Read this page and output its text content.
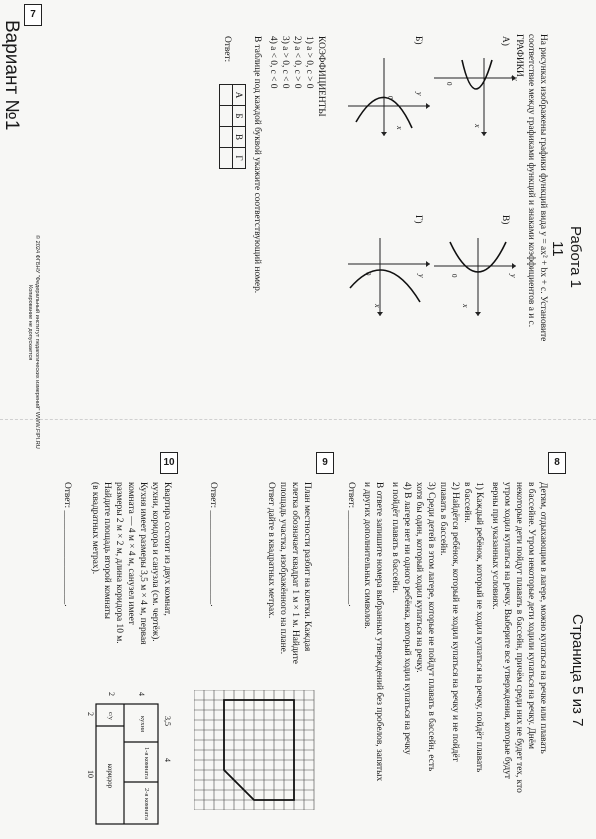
Работа 1
11
Страница 5 из 7
Вариант №1
© 2024 ФГБНУ "Федеральный институт педагогических измерений" WWW.FIPI.RU
Копирование не допускается
7
На рисунках изображены графики функций вида y = ax² + bx + c. Установите
соответствие между графиками функций и знаками коэффициентов a и c.
ГРАФИКИ
А)
Б)
В)
Г)
x
y
0
x
y
0
x
y
0
x
y
0
КОЭФФИЦИЕНТЫ
1) a > 0, c > 0
2) a < 0, c > 0
3) a > 0, c < 0
4) a < 0, c < 0
В таблице под каждой буквой укажите соответствующий номер.
Ответ:
А	Б	В	Г

8
Детям, отдыхающим в лагере, можно купаться на речке или плавать
в бассейне. Утром некоторые дети ходили купаться на речку. Днём
некоторые дети пойдут плавать в бассейн, причём среди них не будет тех, кто
утром ходил купаться на речку. Выберите все утверждения, которые будут
верны при указанных условиях.
1) Каждый ребёнок, который не ходил купаться на речку, пойдёт плавать
в бассейн.
2) Найдётся ребёнок, который не ходил купаться на речку и не пойдёт
плавать в бассейн.
3) Среди детей в этом лагере, которые не пойдут плавать в бассейн, есть
хотя бы один, который ходил купаться на речку.
4) В лагере нет ни одного ребёнка, который ходил купаться на речку
и пойдёт плавать в бассейн.
В ответе запишите номера выбранных утверждений без пробелов, запятых
и других дополнительных символов.
Ответ: ____________________.
9
План местности разбит на клетки. Каждая
клетка обозначает квадрат 1 м × 1 м. Найдите
площадь участка, изображённого на плане.
Ответ дайте в квадратных метрах.
Ответ: ____________________.
10
Квартира состоит из двух комнат,
кухни, коридора и санузла (см. чертёж).
Кухня имеет размеры 3,5 м × 4 м, первая
комната — 4 м × 4 м, санузел имеет
размеры 2 м × 2 м, длина коридора 10 м.
Найдите площадь второй комнаты
(в квадратных метрах).
Ответ: ____________________.
3,5
4
4
2
2
10
кухня
1-я комната
2-я комната
с/у
коридор
